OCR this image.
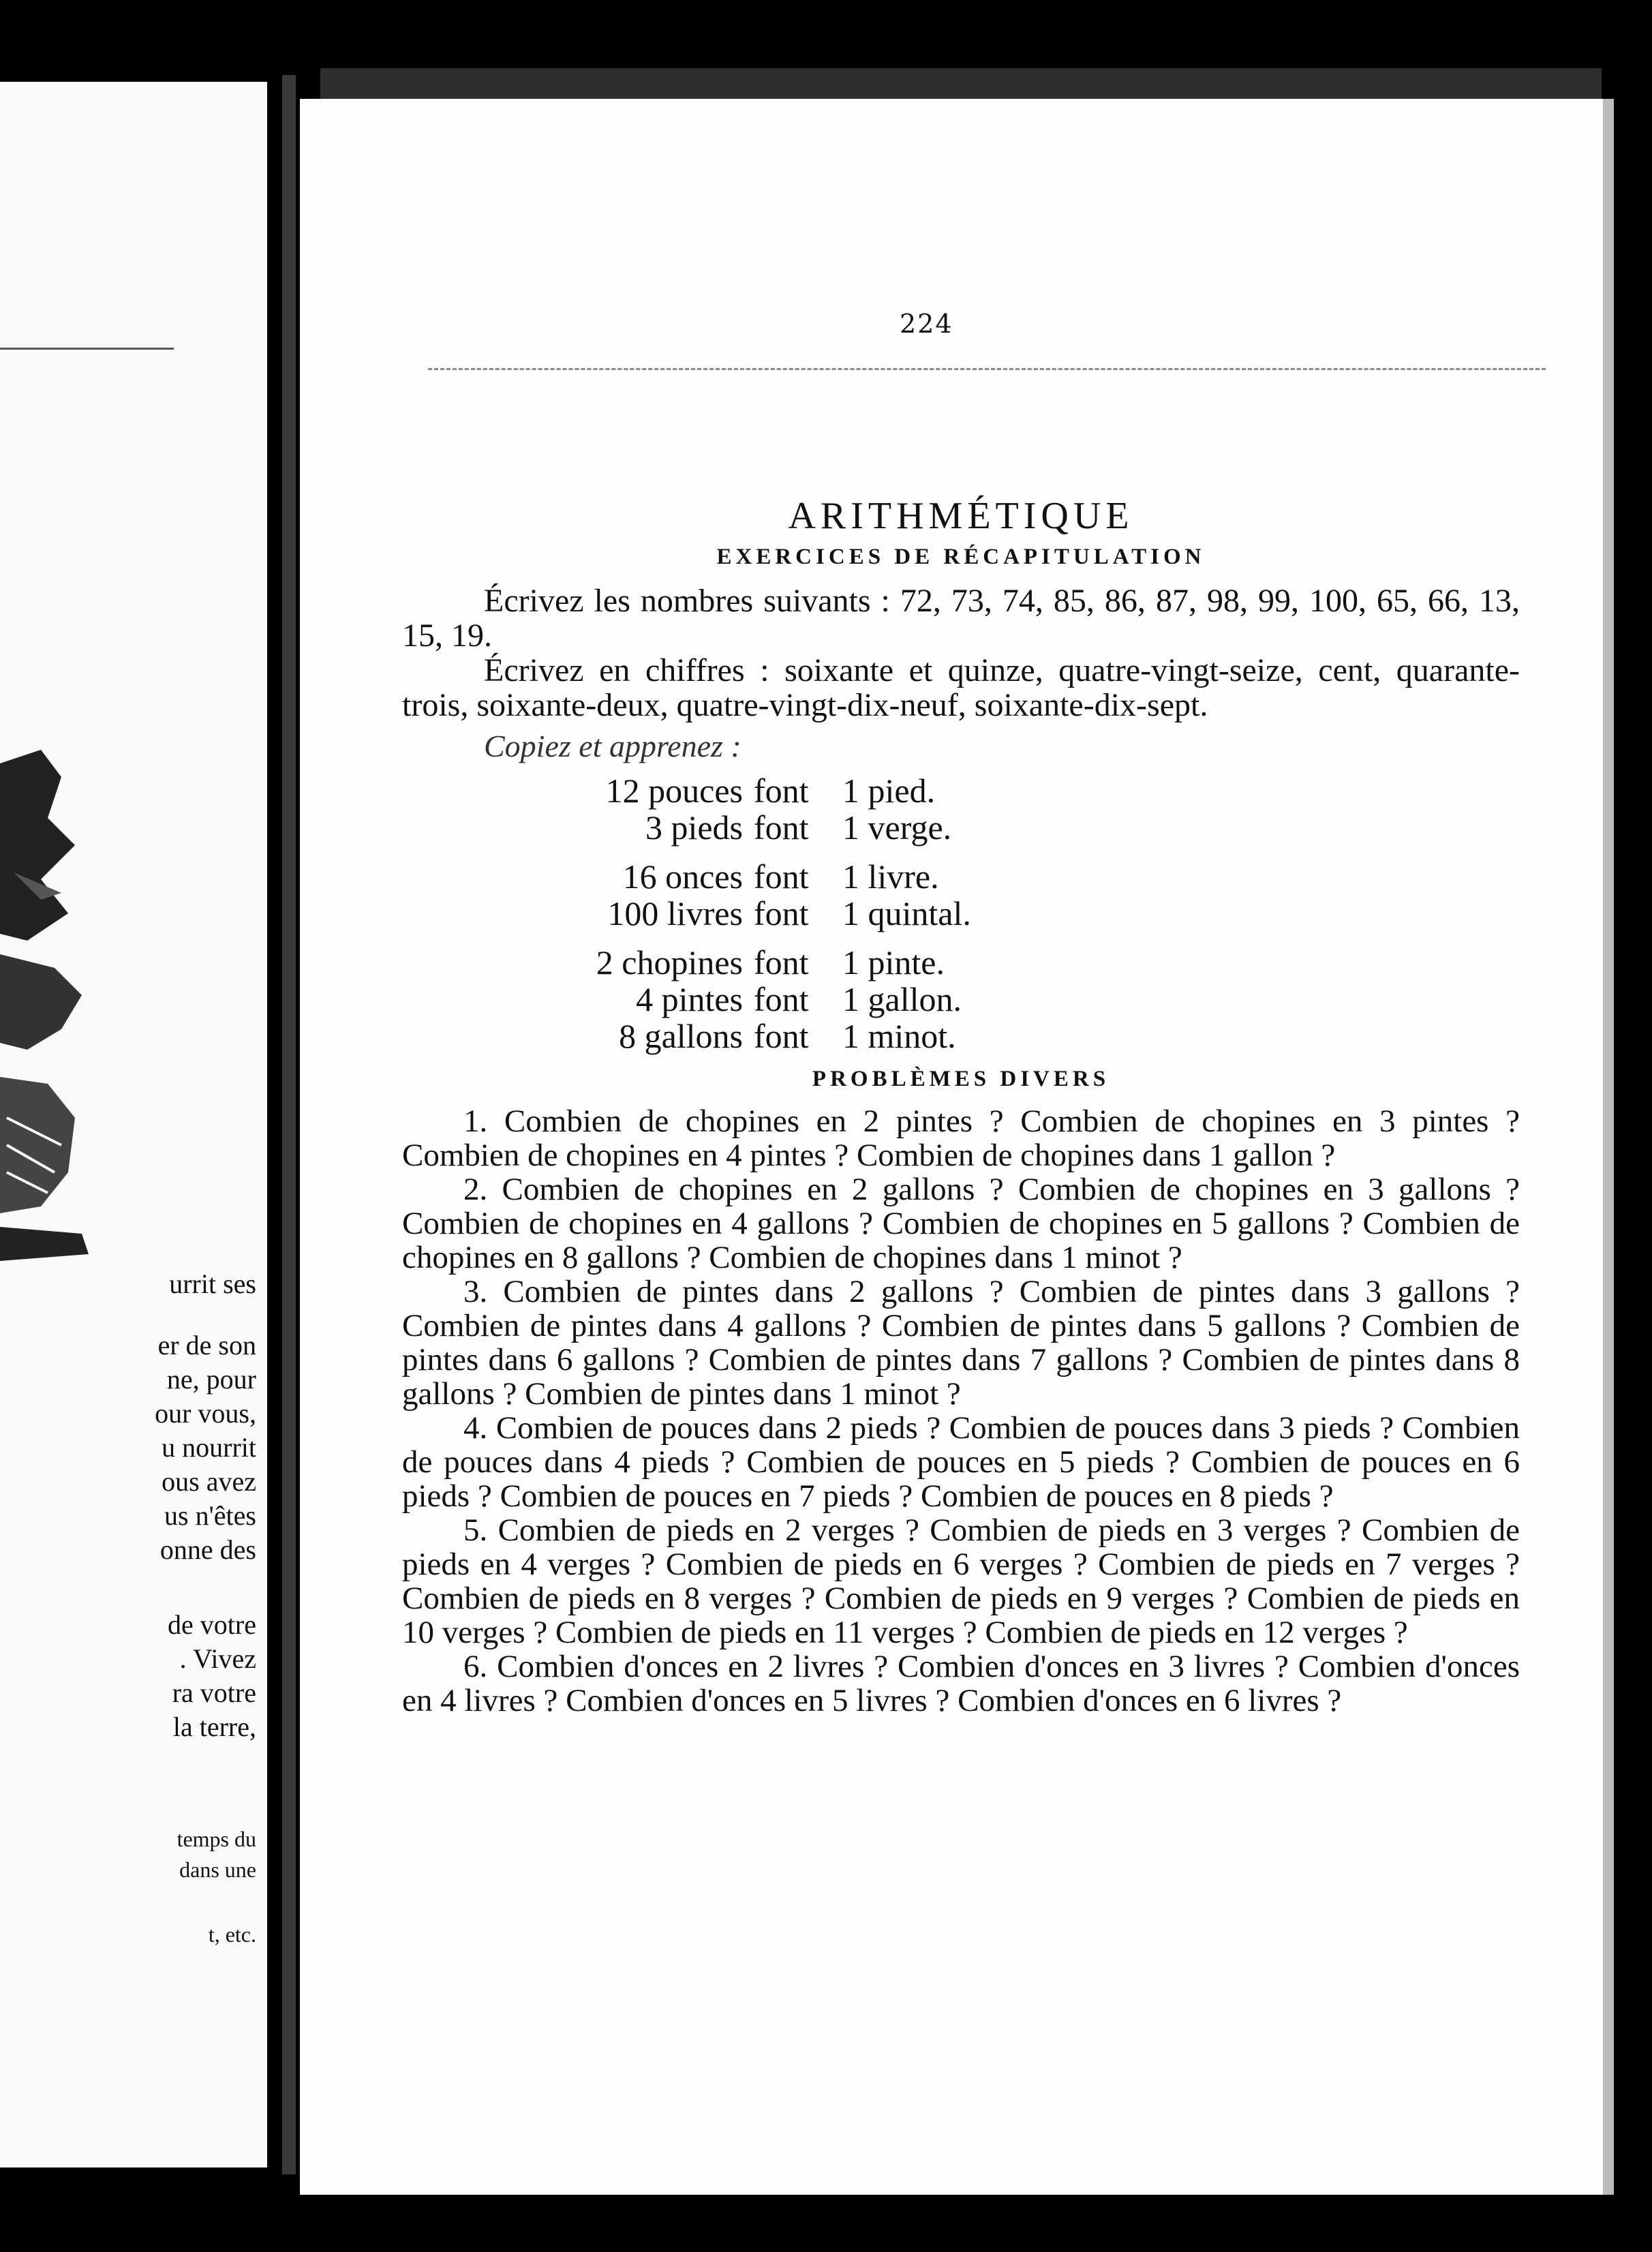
urrit ses
er de son
ne, pour
our vous,
u nourrit
ous avez
us n'êtes
onne des
de votre
. Vivez
ra votre
la terre,
temps du
dans une
t, etc.
224
ARITHMÉTIQUE
EXERCICES DE RÉCAPITULATION

Écrivez les nombres suivants : 72, 73, 74, 85, 86, 87, 98, 99, 100, 65, 66, 13, 15, 19.

Écrivez en chiffres : soixante et quinze, quatre-vingt-seize, cent, quarante-trois, soixante-deux, quatre-vingt-dix-neuf, soixante-dix-sept.

Copiez et apprenez :

12 pouces font 1 pied.
3 pieds font 1 verge.
16 onces font 1 livre.
100 livres font 1 quintal.
2 chopines font 1 pinte.
4 pintes font 1 gallon.
8 gallons font 1 minot.
PROBLÈMES DIVERS

1. Combien de chopines en 2 pintes ? Combien de chopines en 3 pintes ? Combien de chopines en 4 pintes ? Combien de chopines dans 1 gallon ?

2. Combien de chopines en 2 gallons ? Combien de chopines en 3 gallons ? Combien de chopines en 4 gallons ? Combien de chopines en 5 gallons ? Combien de chopines en 8 gallons ? Combien de chopines dans 1 minot ?

3. Combien de pintes dans 2 gallons ? Combien de pintes dans 3 gallons ? Combien de pintes dans 4 gallons ? Combien de pintes dans 5 gallons ? Combien de pintes dans 6 gallons ? Combien de pintes dans 7 gallons ? Combien de pintes dans 8 gallons ? Combien de pintes dans 1 minot ?

4. Combien de pouces dans 2 pieds ? Combien de pouces dans 3 pieds ? Combien de pouces dans 4 pieds ? Combien de pouces en 5 pieds ? Combien de pouces en 6 pieds ? Combien de pouces en 7 pieds ? Combien de pouces en 8 pieds ?

5. Combien de pieds en 2 verges ? Combien de pieds en 3 verges ? Combien de pieds en 4 verges ? Combien de pieds en 6 verges ? Combien de pieds en 7 verges ? Combien de pieds en 8 verges ? Combien de pieds en 9 verges ? Combien de pieds en 10 verges ? Combien de pieds en 11 verges ? Combien de pieds en 12 verges ?

6. Combien d'onces en 2 livres ? Combien d'onces en 3 livres ? Combien d'onces en 4 livres ? Combien d'onces en 5 livres ? Combien d'onces en 6 livres ?
